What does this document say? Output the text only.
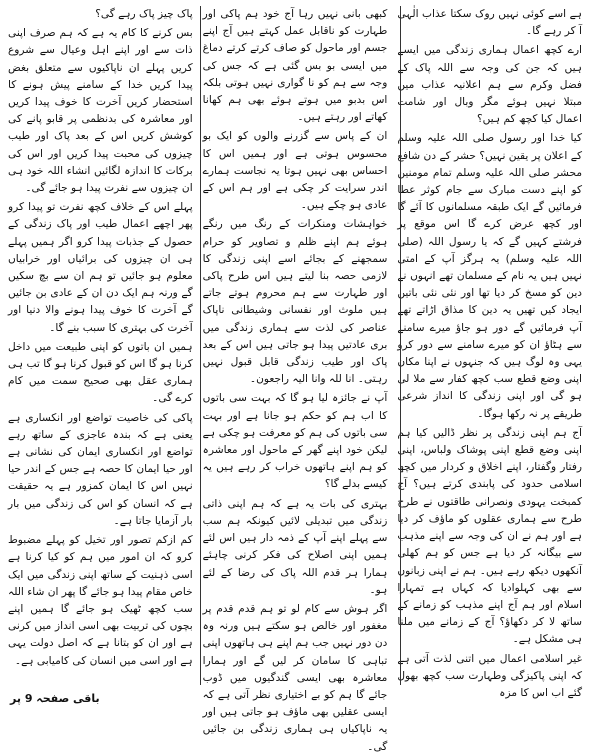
ہے اسے کوئی نہیں روک سکتا عذاب الٰہی آ کر رہے گا۔

ارے کچھ اعمال ہماری زندگی میں ایسے ہیں کہ جن کی وجہ سے اللہ پاک کے فضل وکرم سے ہم اعلانیہ عذاب میں مبتلا نہیں ہوئے مگر وبال اور شامت اعمال کیا کچھ کم ہیں؟

کیا خدا اور رسول صلی اللہ علیہ وسلم کے اعلان پر یقین نہیں؟ حشر کے دن شافع محشر صلی اللہ علیہ وسلم تمام مومنین کو اپنے دست مبارک سے جام کوثر عطا فرمائیں گے ایک طبقہ مسلمانوں کا آئے گا اور کچھ عرض کرے گا اس موقع پر فرشتے کہیں گے کہ یا رسول اللہ (صلی اللہ علیہ وسلم) یہ ہرگز آپ کے امتی نہیں ہیں یہ نام کے مسلمان تھے انہوں نے دین کو مسخ کر دیا تھا اور نئی نئی باتیں ایجاد کیں تھیں یہ دین کا مذاق اڑاتے تھے آپ فرمائیں گے دور ہو جاؤ میرے سامنے سے ہٹاؤ ان کو میرے سامنے سے دور کرو یہی وہ لوگ ہیں کہ جنہوں نے اپنا مکان اپنی وضع قطع سب کچھ کفار سے ملا لی ہو گی اور اپنی زندگی کا انداز شرعی طریقے پر نہ رکھا ہوگا۔

آج ہم اپنی زندگی پر نظر ڈالیں کیا ہم اپنی وضع قطع اپنی پوشاک ولباس، اپنی رفتار وگفتار، اپنے اخلاق و کردار میں کچھ اسلامی حدود کی پابندی کرتے ہیں؟ آج کمبخت یہودی ونصرانی طاقتوں نے طرح طرح سے ہماری عقلوں کو ماؤف کر دیا ہے اور ہم نے ان کی وجہ سے اپنے مذہب سے بیگانہ کر دیا ہے جس کو ہم کھلی آنکھوں دیکھ رہے ہیں۔ ہم نے اپنی زبانوں سے بھی کہلوادیا کہ کہاں ہے تمہارا اسلام اور ہم آج اپنے مذہب کو زمانے کے ساتھ لا کر دکھاؤ؟ آج کے زمانے میں ملنا ہی مشکل ہے۔

غیر اسلامی اعمال میں اتنی لذت آتی ہے کہ اپنی پاکیزگی وطہارت سب کچھ بھول گئے اب اس کا مزہ

کبھی بانی نہیں رہا آج خود ہم پاکی اور طہارت کو ناقابل عمل کہتے ہیں آج اپنے جسم اور ماحول کو صاف کرتے کرتے دماغ میں ایسی بو بس گئی ہے کہ جس کی وجہ سے ہم کو نا گواری نہیں ہوتی بلکہ اس بدبو میں ہوتے ہوئے بھی ہم کھانا کھاتے اور رہتے ہیں۔

ان کے پاس سے گزرنے والوں کو ایک بو محسوس ہوتی ہے اور ہمیں اس کا احساس بھی نہیں ہوتا یہ نجاست ہمارے اندر سرایت کر چکی ہے اور ہم اس کے عادی ہو چکے ہیں۔

خواہشات ومنکرات کے رنگ میں رنگے ہوئے ہم اپنے ظلم و تصاویر کو حرام سمجھنے کے بجائے اسے اپنی زندگی کا لازمی حصہ بنا لیتے ہیں اس طرح پاکی اور طہارت سے ہم محروم ہوتے جاتے ہیں ملوث اور نفسانی وشیطانی ناپاک عناصر کی لذت سے ہماری زندگی میں بری عادتیں پیدا ہو جاتی ہیں اس کے بعد پاک اور طیب زندگی قابل قبول نہیں رہتی۔ انا للہ وانا الیہ راجعون۔

آپ نے جائزہ لیا ہو گا کہ بہت سی باتوں کا اب ہم کو حکم ہو جانا ہے اور بہت سی باتوں کی ہم کو معرفت ہو چکی ہے لیکن خود اپنے گھر کے ماحول اور معاشرہ کو ہم اپنے ہاتھوں خراب کر رہے ہیں یہ کیسے بدلے گا؟

بہتری کی بات یہ ہے کہ ہم اپنی ذاتی زندگی میں تبدیلی لائیں کیونکہ ہم سب سے پہلے اپنے آپ کے ذمہ دار ہیں اس لئے ہمیں اپنی اصلاح کی فکر کرنی چاہئے ہمارا ہر قدم اللہ پاک کی رضا کے لئے ہو۔

اگر ہوش سے کام لو تو ہم قدم قدم پر مغفور اور خالص ہو سکتے ہیں ورنہ وہ دن دور نہیں جب ہم اپنے ہی ہاتھوں اپنی تباہی کا سامان کر لیں گے اور ہمارا معاشرہ بھی ایسی گندگیوں میں ڈوب جائے گا ہم کو بے اختیاری نظر آتی ہے کہ ایسی عقلیں بھی ماؤف ہو جاتی ہیں اور یہ ناپاکیاں ہی ہماری زندگی بن جائیں گی۔

پاک چیز پاک رہے گی؟

بس کرنے کا کام یہ ہے کہ ہم صرف اپنی ذات سے اور اپنے اہل وعیال سے شروع کریں پہلے ان ناپاکیوں سے متعلق بغض پیدا کریں خدا کے سامنے پیش ہونے کا استحضار کریں آخرت کا خوف پیدا کریں اور معاشرہ کی بدنظمی پر قابو پانے کی کوشش کریں اس کے بعد پاک اور طیب چیزوں کی محبت پیدا کریں اور اس کی برکات کا اندازہ لگائیں انشاء اللہ خود ہی ان چیزوں سے نفرت پیدا ہو جائے گی۔

پہلے اس کے خلاف کچھ نفرت تو پیدا کرو پھر اچھے اعمال طیب اور پاک زندگی کے حصول کے جذبات پیدا کرو اگر ہمیں پہلے ہی ان چیزوں کی برائیاں اور خرابیاں معلوم ہو جائیں تو ہم ان سے بچ سکیں گے ورنہ ہم ایک دن ان کے عادی بن جائیں گے آخرت کا خوف پیدا ہونے والا دنیا اور آخرت کی بہتری کا سبب بنے گا۔

ہمیں ان باتوں کو اپنی طبیعت میں داخل کرنا ہو گا اس کو قبول کرنا ہو گا تب ہی ہماری عقل بھی صحیح سمت میں کام کرے گی۔

پاکی کی خاصیت تواضع اور انکساری ہے یعنی ہے کہ بندہ عاجزی کے ساتھ رہے تواضع اور انکساری ایمان کی نشانی ہے اور حیا ایمان کا حصہ ہے جس کے اندر حیا نہیں اس کا ایمان کمزور ہے یہ حقیقت ہے کہ انسان کو اس کی زندگی میں بار بار آزمایا جاتا ہے۔

کم ازکم تصور اور تخیل کو پہلے مضبوط کرو کہ ان امور میں ہم کو کیا کرنا ہے اسی ذہنیت کے ساتھ اپنی زندگی میں ایک خاص مقام پیدا ہو جائے گا پھر ان شاء اللہ سب کچھ ٹھیک ہو جائے گا ہمیں اپنے بچوں کی تربیت بھی اسی انداز میں کرنی ہے اور ان کو بتانا ہے کہ اصل دولت یہی ہے اور اسی میں انسان کی کامیابی ہے۔

باقی صفحہ 9 پر
